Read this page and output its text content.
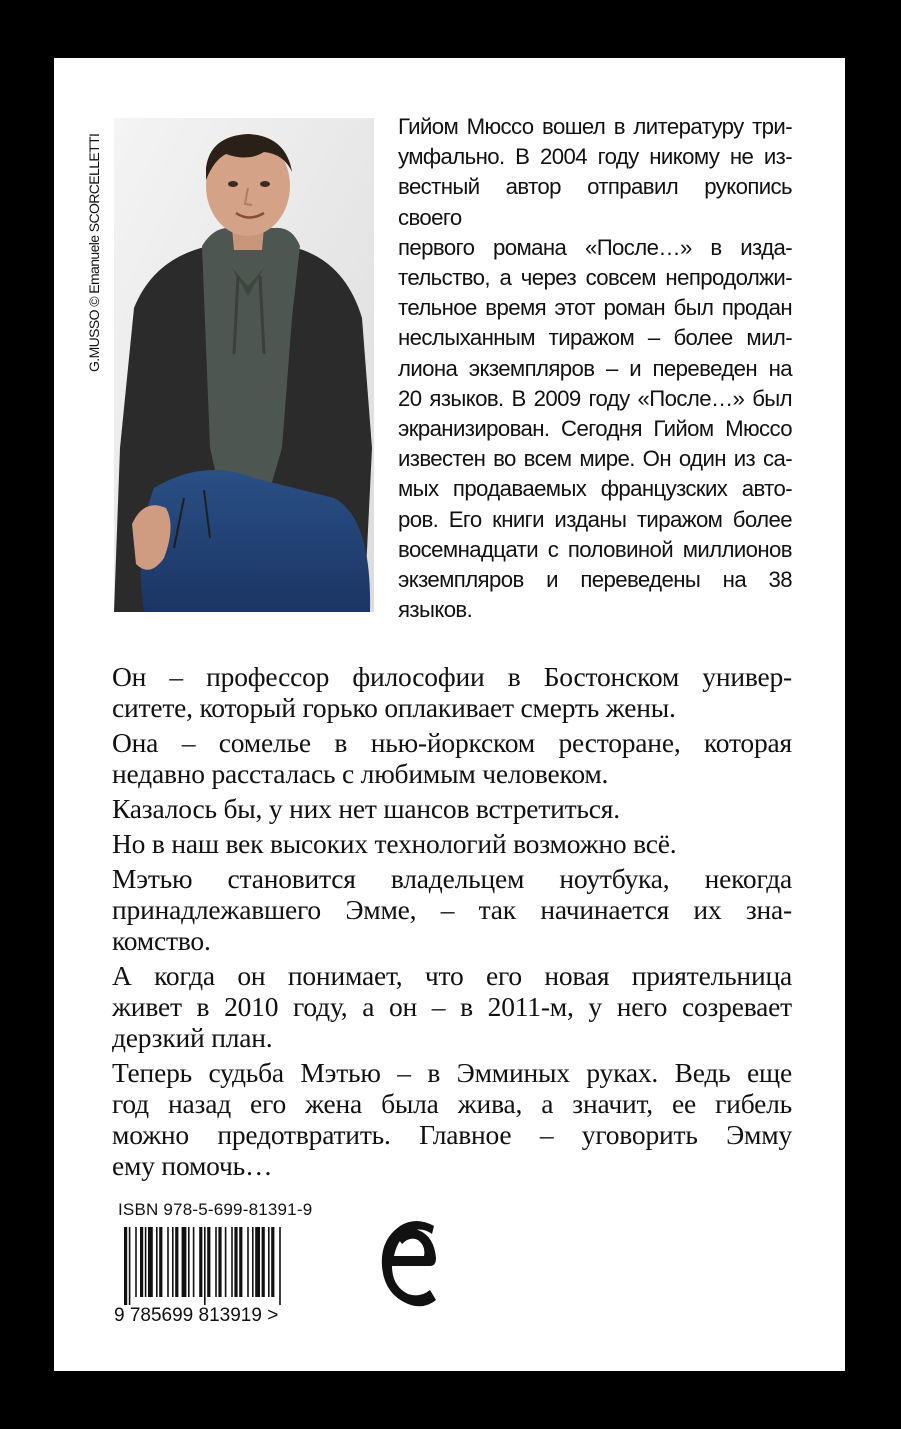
G.MUSSO © Emanuele SCORCELLETTI
Гийом Мюссо вошел в литературу три-
умфально. В 2004 году никому не из-
вестный автор отправил рукопись своего
первого романа «После…» в изда-
тельство, а через совсем непродолжи-
тельное время этот роман был продан
неслыханным тиражом – более мил-
лиона экземпляров – и переведен на
20 языков. В 2009 году «После…» был
экранизирован. Сегодня Гийом Мюссо
известен во всем мире. Он один из са-
мых продаваемых французских авто-
ров. Его книги изданы тиражом более
восемнадцати с половиной миллионов
экземпляров и переведены на 38 языков.

Он – профессор философии в Бостонском универ-
ситете, который горько оплакивает смерть жены.

Она – сомелье в нью-йоркском ресторане, которая
недавно рассталась с любимым человеком.

Казалось бы, у них нет шансов встретиться.

Но в наш век высоких технологий возможно всё.

Мэтью становится владельцем ноутбука, некогда
принадлежавшего Эмме, – так начинается их зна-
комство.

А когда он понимает, что его новая приятельница
живет в 2010 году, а он – в 2011-м, у него созревает
дерзкий план.

Теперь судьба Мэтью – в Эмминых руках. Ведь еще
год назад его жена была жива, а значит, ее гибель
можно предотвратить. Главное – уговорить Эмму
ему помочь…

ISBN 978-5-699-81391-9
9 785699 813919 >
